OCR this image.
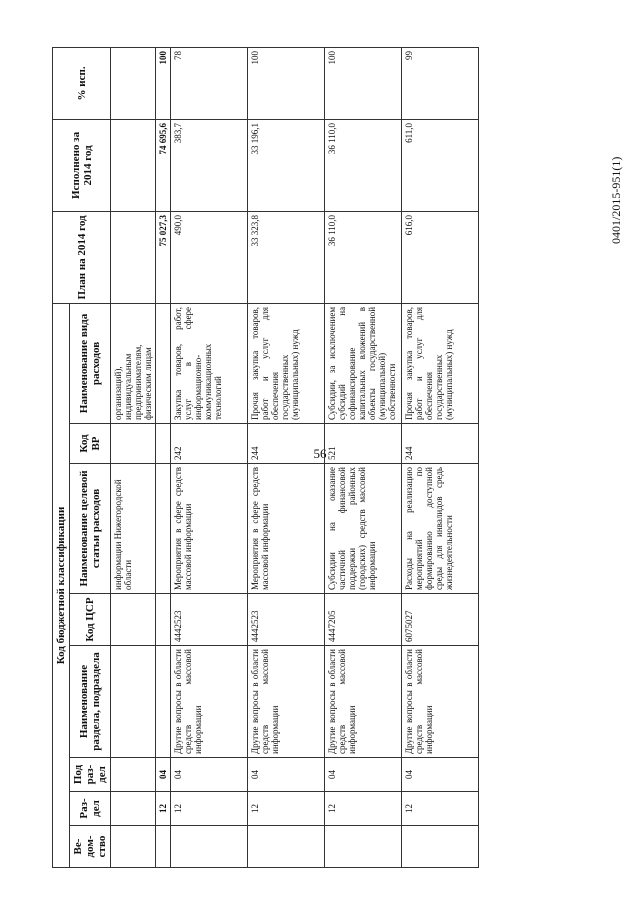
56
0401/2015-951(1)
Код бюджетной классификации								План на 2014 год	Исполнено за 2014 год	% исп.
Ве-дом-ство	Раз-дел	Под раз-дел	Наименование раздела, подраздела	Код ЦСР	Наименование целевой статьи расходов	Код ВР	Наименование вида расходов			
					информации Нижегородской области		организаций), индивидуальным предпринимателям, физическим лицам			
	12	04						75 027,3	74 695,6	100
	12	04	Другие вопросы в области средств массовой информации	4442523	Мероприятия в сфере средств массовой информации	242	Закупка товаров, работ, услуг в сфере информационно-коммуникационных технологий	490,0	383,7	78
	12	04	Другие вопросы в области средств массовой информации	4442523	Мероприятия в сфере средств массовой информации	244	Прочая закупка товаров, работ и услуг для обеспечения государственных (муниципальных) нужд	33 323,8	33 196,1	100
	12	04	Другие вопросы в области средств массовой информации	4447205	Субсидии на оказание частичной финансовой поддержки районных (городских) средств массовой информации	521	Субсидии, за исключением субсидий на софинансирование капитальных вложений в объекты государственной (муниципальной) собственности	36 110,0	36 110,0	100
	12	04	Другие вопросы в области средств массовой информации	6075027	Расходы на реализацию мероприятий по формированию доступной среды для инвалидов средь жизнедеятельности	244	Прочая закупка товаров, работ и услуг для обеспечения государственных (муниципальных) нужд	616,0	611,0	99
